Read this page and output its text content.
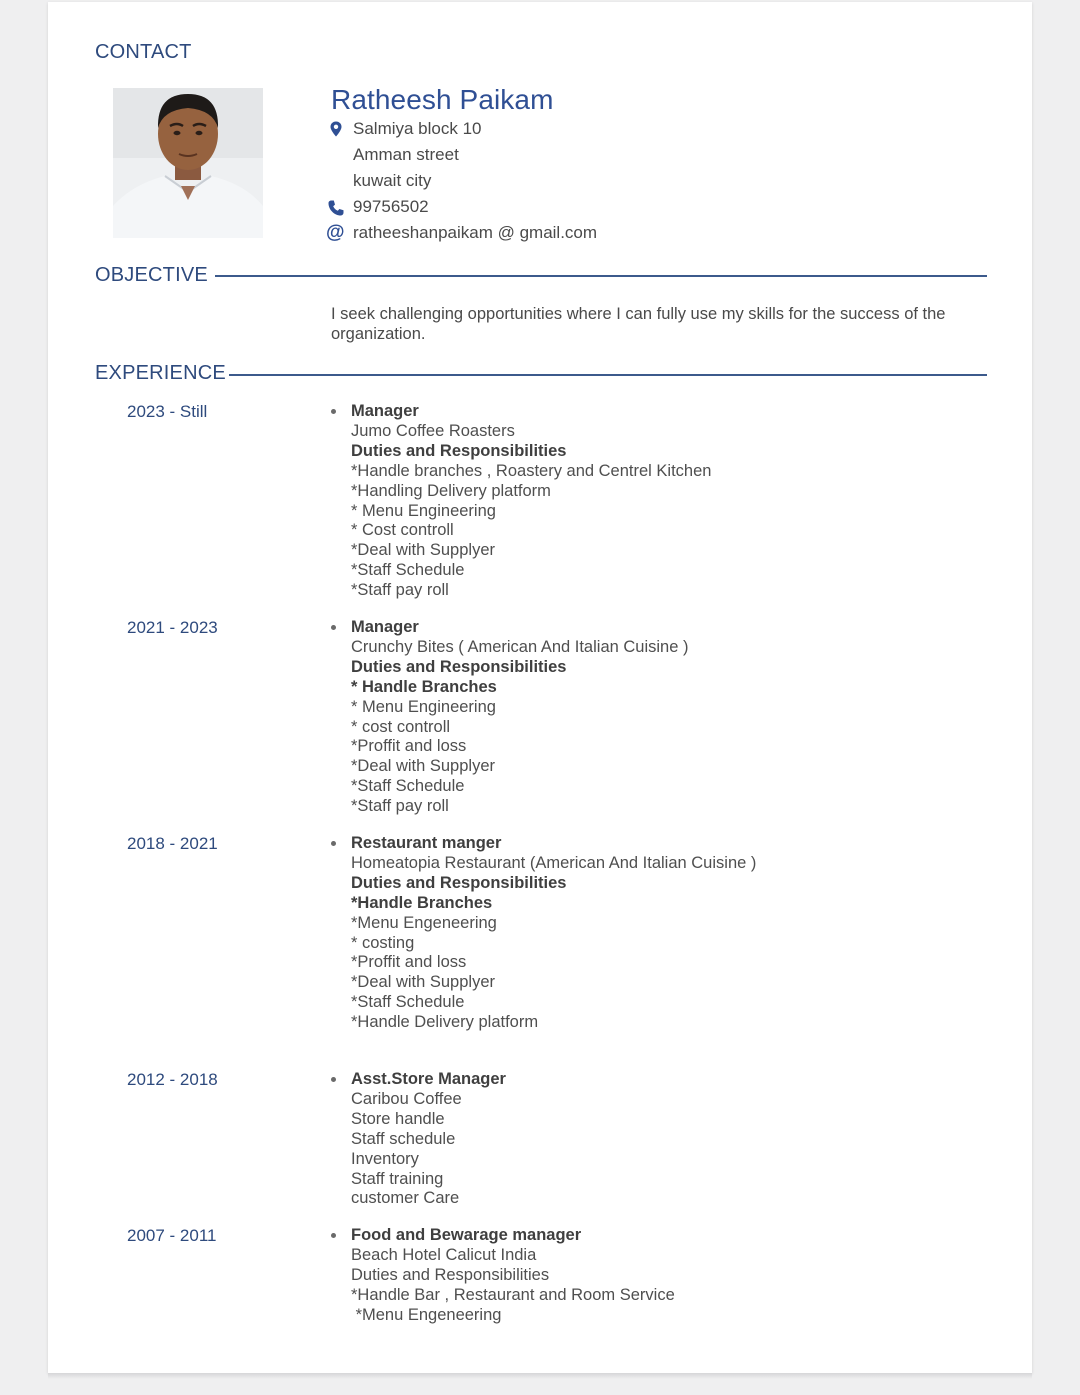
CONTACT
Ratheesh Paikam
Salmiya block 10
Amman street
kuwait city
99756502
@ ratheeshanpaikam @ gmail.com
OBJECTIVE
I seek challenging opportunities where I can fully use my skills for the success of the organization.
EXPERIENCE
2023 - Still	Manager
Jumo Coffee Roasters
Duties and Responsibilities
*Handle branches , Roastery and Centrel Kitchen
*Handling Delivery platform
* Menu Engineering
* Cost controll
*Deal with Supplyer
*Staff Schedule
*Staff pay roll
2021 - 2023	Manager
Crunchy Bites ( American And Italian Cuisine )
Duties and Responsibilities
* Handle Branches
* Menu Engineering
* cost controll
*Proffit and loss
*Deal with Supplyer
*Staff Schedule
*Staff pay roll
2018 - 2021	Restaurant manger
Homeatopia Restaurant (American And Italian Cuisine )
Duties and Responsibilities
*Handle Branches
*Menu Engeneering
* costing
*Proffit and loss
*Deal with Supplyer
*Staff Schedule
*Handle Delivery platform
2012 - 2018	Asst.Store Manager
Caribou Coffee
Store handle
Staff schedule
Inventory
Staff training
customer Care
2007 - 2011	Food and Bewarage manager
Beach Hotel Calicut India
Duties and Responsibilities
*Handle Bar , Restaurant and Room Service
*Menu Engeneering
